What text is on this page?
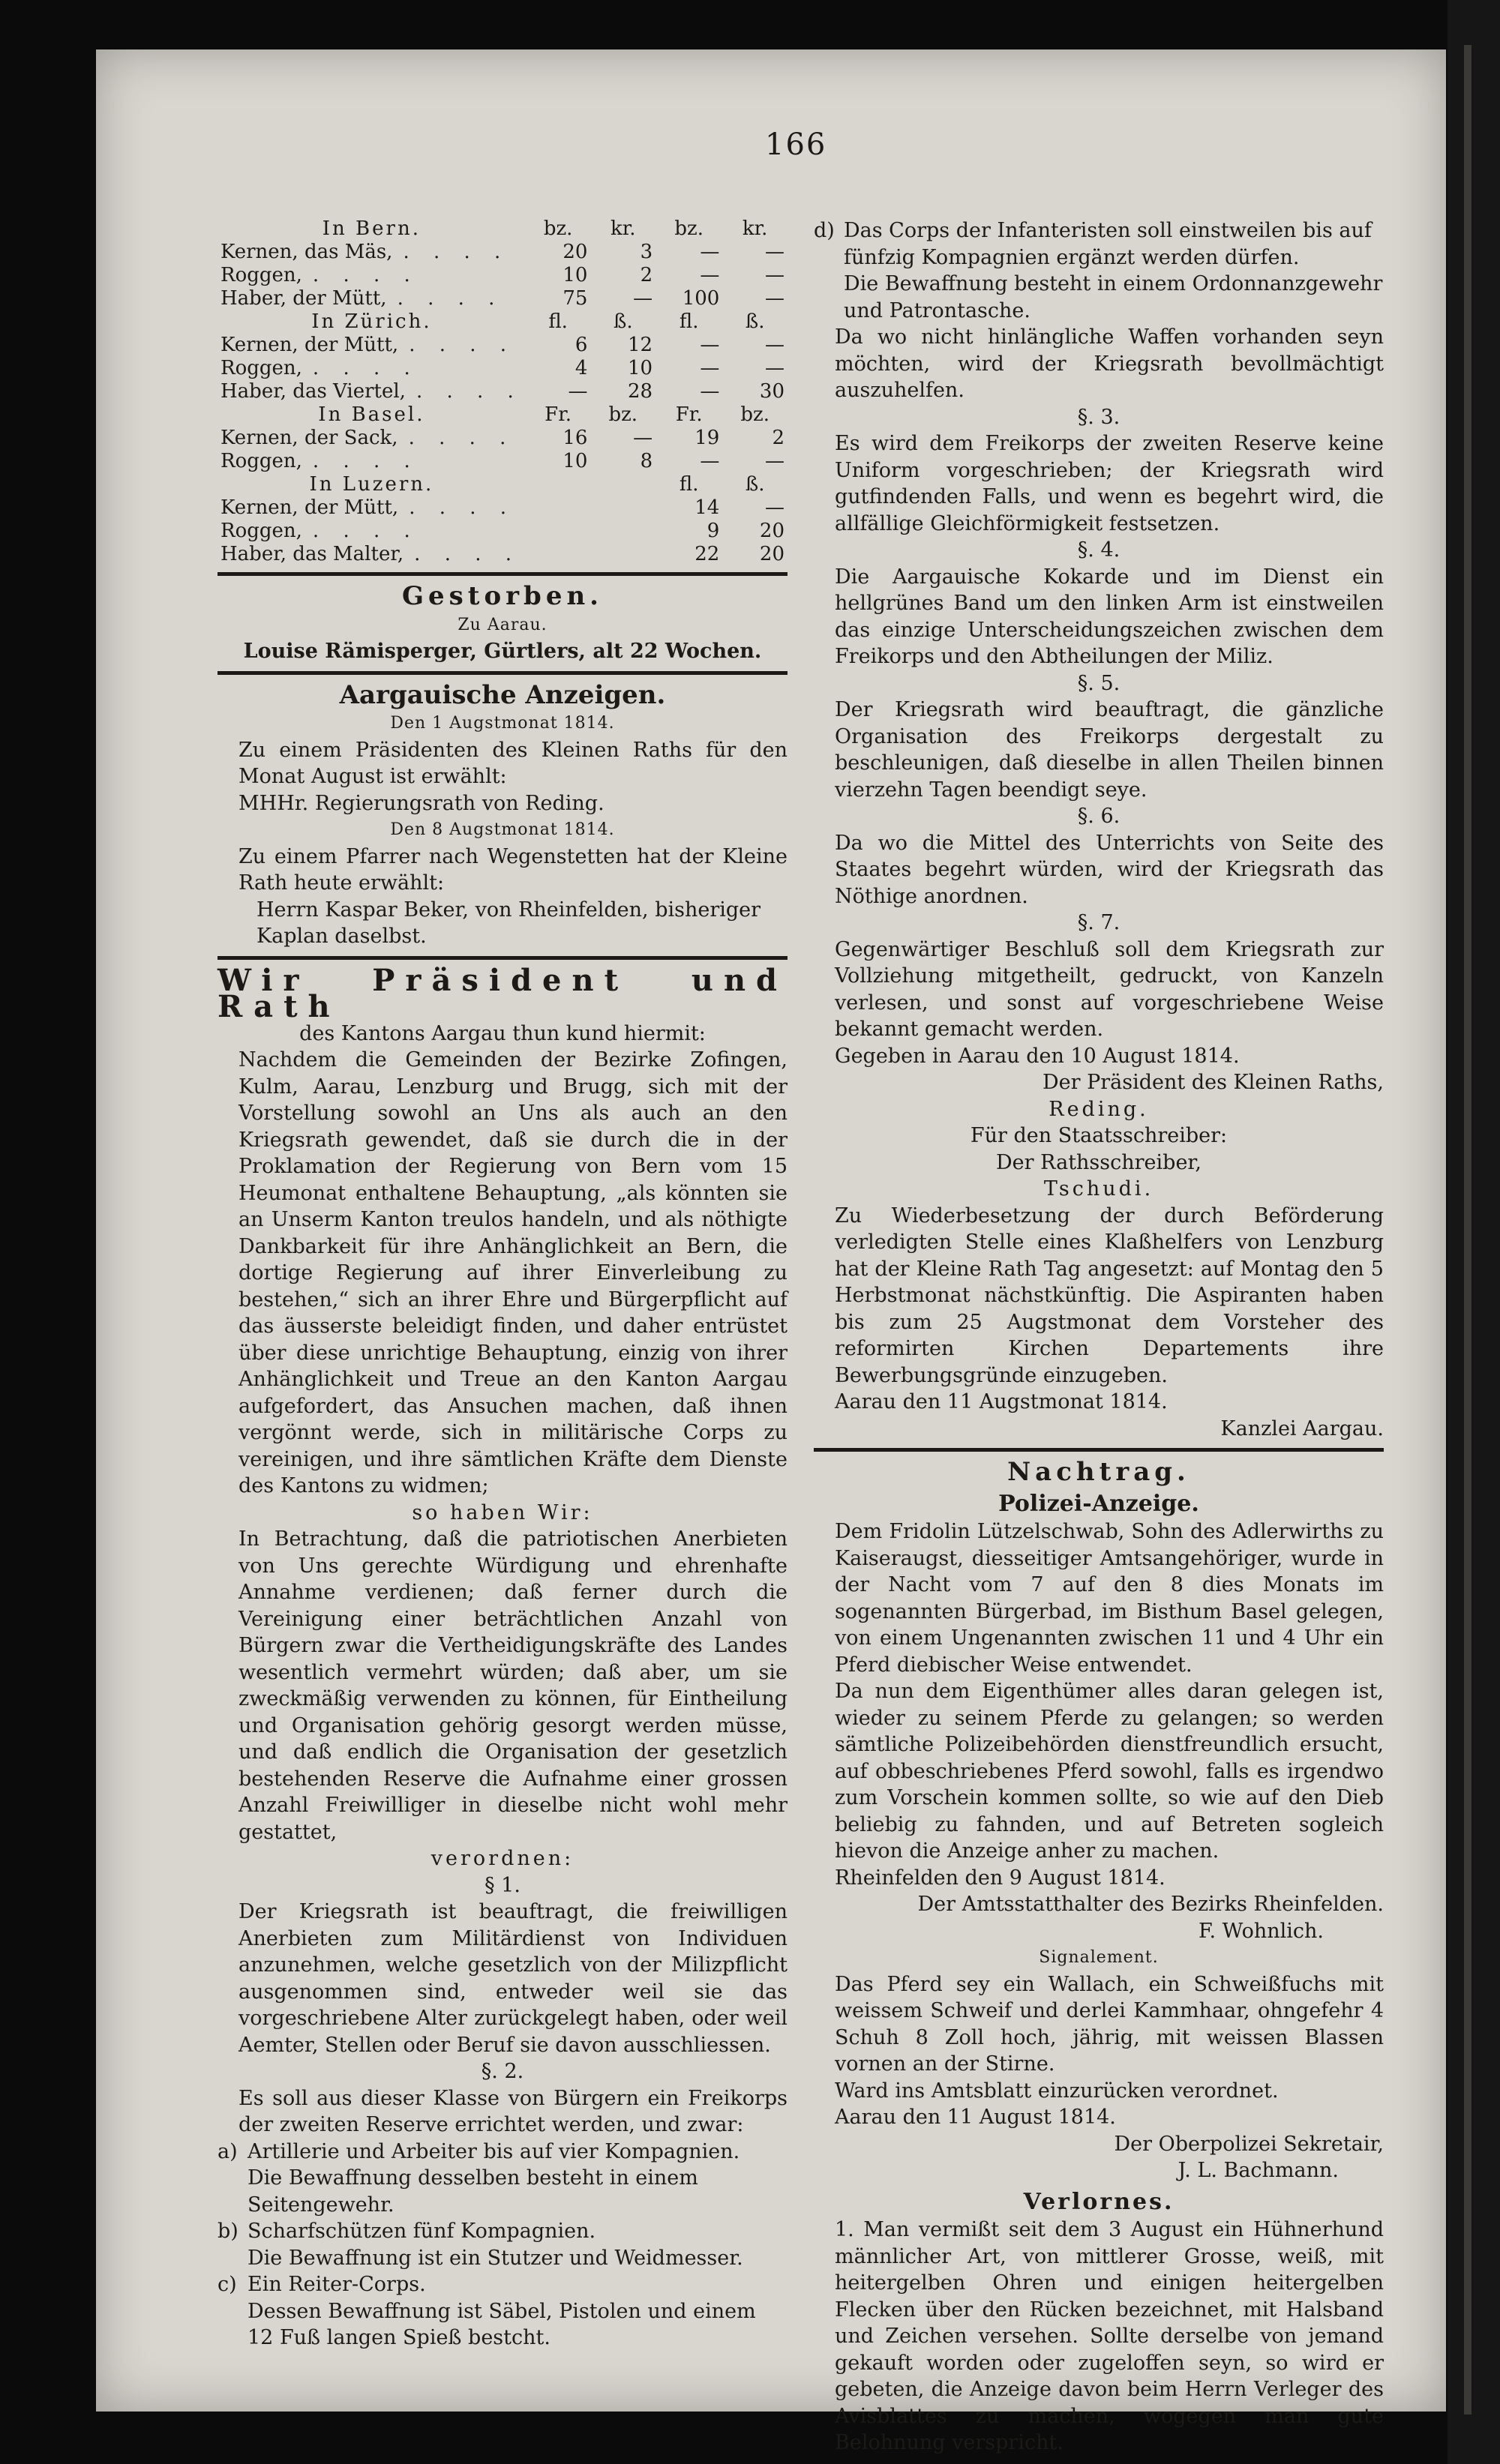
166
In Bern.	bz.	kr.	bz.	kr.
Kernen, das Mäs, . . . .	20	3	—	—
Roggen, . . . .	10	2	—	—
Haber, der Mütt, . . . .	75	—	100	—
In Zürich.	fl.	ß.	fl.	ß.
Kernen, der Mütt, . . . .	6	12	—	—
Roggen, . . . .	4	10	—	—
Haber, das Viertel, . . . .	—	28	—	30
In Basel.	Fr.	bz.	Fr.	bz.
Kernen, der Sack, . . . .	16	—	19	2
Roggen, . . . .	10	8	—	—
In Luzern.			fl.	ß.
Kernen, der Mütt, . . . .			14	—
Roggen, . . . .			9	20
Haber, das Malter, . . . .			22	20
Gestorben.
Zu Aarau.
Louise Rämisperger, Gürtlers, alt 22 Wochen.
Aargauische Anzeigen.
Den 1 Augstmonat 1814.

Zu einem Präsidenten des Kleinen Raths für den Monat August ist erwählt:

MHHr. Regierungsrath von Reding.

Den 8 Augstmonat 1814.

Zu einem Pfarrer nach Wegenstetten hat der Kleine Rath heute erwählt:

Herrn Kaspar Beker, von Rheinfelden, bisheriger Kaplan daselbst.

Wir Präsident und Rath
des Kantons Aargau thun kund hiermit:

Nachdem die Gemeinden der Bezirke Zofingen, Kulm, Aarau, Lenzburg und Brugg, sich mit der Vorstellung sowohl an Uns als auch an den Kriegsrath gewendet, daß sie durch die in der Proklamation der Regierung von Bern vom 15 Heumonat enthaltene Behauptung, „als könnten sie an Unserm Kanton treulos handeln, und als nöthigte Dankbarkeit für ihre Anhänglichkeit an Bern, die dortige Regierung auf ihrer Einverleibung zu bestehen,“ sich an ihrer Ehre und Bürgerpflicht auf das äusserste beleidigt finden, und daher entrüstet über diese unrichtige Behauptung, einzig von ihrer Anhänglichkeit und Treue an den Kanton Aargau aufgefordert, das Ansuchen machen, daß ihnen vergönnt werde, sich in militärische Corps zu vereinigen, und ihre sämtlichen Kräfte dem Dienste des Kantons zu widmen;

so haben Wir:

In Betrachtung, daß die patriotischen Anerbieten von Uns gerechte Würdigung und ehrenhafte Annahme verdienen; daß ferner durch die Vereinigung einer beträchtlichen Anzahl von Bürgern zwar die Vertheidigungskräfte des Landes wesentlich vermehrt würden; daß aber, um sie zweckmäßig verwenden zu können, für Eintheilung und Organisation gehörig gesorgt werden müsse, und daß endlich die Organisation der gesetzlich bestehenden Reserve die Aufnahme einer grossen Anzahl Freiwilliger in dieselbe nicht wohl mehr gestattet,

verordnen:
§ 1.

Der Kriegsrath ist beauftragt, die freiwilligen Anerbieten zum Militärdienst von Individuen anzunehmen, welche gesetzlich von der Milizpflicht ausgenommen sind, entweder weil sie das vorgeschriebene Alter zurückgelegt haben, oder weil Aemter, Stellen oder Beruf sie davon ausschliessen.

§. 2.

Es soll aus dieser Klasse von Bürgern ein Freikorps der zweiten Reserve errichtet werden, und zwar:

a) Artillerie und Arbeiter bis auf vier Kompagnien.
Die Bewaffnung desselben besteht in einem Seitengewehr.
b) Scharfschützen fünf Kompagnien.
Die Bewaffnung ist ein Stutzer und Weidmesser.
c) Ein Reiter-Corps.
Dessen Bewaffnung ist Säbel, Pistolen und einem 12 Fuß langen Spieß bestcht.
d) Das Corps der Infanteristen soll einstweilen bis auf fünfzig Kompagnien ergänzt werden dürfen.
Die Bewaffnung besteht in einem Ordonnanzgewehr und Patrontasche.

Da wo nicht hinlängliche Waffen vorhanden seyn möchten, wird der Kriegsrath bevollmächtigt auszuhelfen.

§. 3.

Es wird dem Freikorps der zweiten Reserve keine Uniform vorgeschrieben; der Kriegsrath wird gutfindenden Falls, und wenn es begehrt wird, die allfällige Gleichförmigkeit festsetzen.

§. 4.

Die Aargauische Kokarde und im Dienst ein hellgrünes Band um den linken Arm ist einstweilen das einzige Unterscheidungszeichen zwischen dem Freikorps und den Abtheilungen der Miliz.

§. 5.

Der Kriegsrath wird beauftragt, die gänzliche Organisation des Freikorps dergestalt zu beschleunigen, daß dieselbe in allen Theilen binnen vierzehn Tagen beendigt seye.

§. 6.

Da wo die Mittel des Unterrichts von Seite des Staates begehrt würden, wird der Kriegsrath das Nöthige anordnen.

§. 7.

Gegenwärtiger Beschluß soll dem Kriegsrath zur Vollziehung mitgetheilt, gedruckt, von Kanzeln verlesen, und sonst auf vorgeschriebene Weise bekannt gemacht werden.

Gegeben in Aarau den 10 August 1814.

Der Präsident des Kleinen Raths,
Reding.
Für den Staatsschreiber:
Der Rathsschreiber,
Tschudi.

Zu Wiederbesetzung der durch Beförderung verledigten Stelle eines Klaßhelfers von Lenzburg hat der Kleine Rath Tag angesetzt: auf Montag den 5 Herbstmonat nächstkünftig. Die Aspiranten haben bis zum 25 Augstmonat dem Vorsteher des reformirten Kirchen Departements ihre Bewerbungsgründe einzugeben.

Aarau den 11 Augstmonat 1814.

Kanzlei Aargau.
Nachtrag.
Polizei-Anzeige.

Dem Fridolin Lützelschwab, Sohn des Adlerwirths zu Kaiseraugst, diesseitiger Amtsangehöriger, wurde in der Nacht vom 7 auf den 8 dies Monats im sogenannten Bürgerbad, im Bisthum Basel gelegen, von einem Ungenannten zwischen 11 und 4 Uhr ein Pferd diebischer Weise entwendet.

Da nun dem Eigenthümer alles daran gelegen ist, wieder zu seinem Pferde zu gelangen; so werden sämtliche Polizeibehörden dienstfreundlich ersucht, auf obbeschriebenes Pferd sowohl, falls es irgendwo zum Vorschein kommen sollte, so wie auf den Dieb beliebig zu fahnden, und auf Betreten sogleich hievon die Anzeige anher zu machen.

Rheinfelden den 9 August 1814.

Der Amtsstatthalter des Bezirks Rheinfelden.
F. Wohnlich.
Signalement.

Das Pferd sey ein Wallach, ein Schweißfuchs mit weissem Schweif und derlei Kammhaar, ohngefehr 4 Schuh 8 Zoll hoch, jährig, mit weissen Blassen vornen an der Stirne.

Ward ins Amtsblatt einzurücken verordnet.

Aarau den 11 August 1814.

Der Oberpolizei Sekretair,
J. L. Bachmann.
Verlornes.

1. Man vermißt seit dem 3 August ein Hühnerhund männlicher Art, von mittlerer Grosse, weiß, mit heitergelben Ohren und einigen heitergelben Flecken über den Rücken bezeichnet, mit Halsband und Zeichen versehen. Sollte derselbe von jemand gekauft worden oder zugeloffen seyn, so wird er gebeten, die Anzeige davon beim Herrn Verleger des Avisblattes zu machen, wogegen man gute Belohnung verspricht.
